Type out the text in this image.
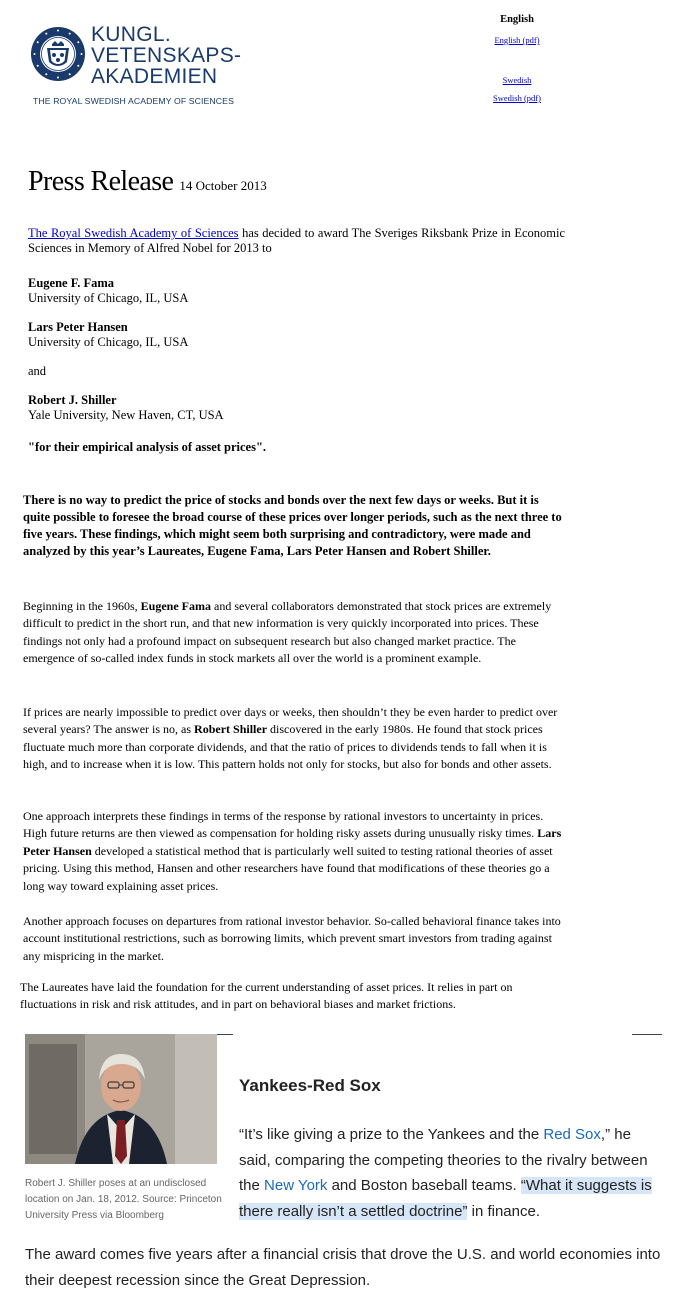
KUNGL.
VETENSKAPS-
AKADEMIEN
THE ROYAL SWEDISH ACADEMY OF SCIENCES
English
English (pdf)
Swedish
Swedish (pdf)
Press Release 14 October 2013
The Royal Swedish Academy of Sciences has decided to award The Sveriges Riksbank Prize in Economic Sciences in Memory of Alfred Nobel for 2013 to
Eugene F. Fama
University of Chicago, IL, USA
Lars Peter Hansen
University of Chicago, IL, USA
and
Robert J. Shiller
Yale University, New Haven, CT, USA
"for their empirical analysis of asset prices".
There is no way to predict the price of stocks and bonds over the next few days or weeks. But it is quite possible to foresee the broad course of these prices over longer periods, such as the next three to five years. These findings, which might seem both surprising and contradictory, were made and analyzed by this year’s Laureates, Eugene Fama, Lars Peter Hansen and Robert Shiller.
Beginning in the 1960s, Eugene Fama and several collaborators demonstrated that stock prices are extremely difficult to predict in the short run, and that new information is very quickly incorporated into prices. These findings not only had a profound impact on subsequent research but also changed market practice. The emergence of so-called index funds in stock markets all over the world is a prominent example.
If prices are nearly impossible to predict over days or weeks, then shouldn’t they be even harder to predict over several years? The answer is no, as Robert Shiller discovered in the early 1980s. He found that stock prices fluctuate much more than corporate dividends, and that the ratio of prices to dividends tends to fall when it is high, and to increase when it is low. This pattern holds not only for stocks, but also for bonds and other assets.
One approach interprets these findings in terms of the response by rational investors to uncertainty in prices. High future returns are then viewed as compensation for holding risky assets during unusually risky times. Lars Peter Hansen developed a statistical method that is particularly well suited to testing rational theories of asset pricing. Using this method, Hansen and other researchers have found that modifications of these theories go a long way toward explaining asset prices.
Another approach focuses on departures from rational investor behavior. So-called behavioral finance takes into account institutional restrictions, such as borrowing limits, which prevent smart investors from trading against any mispricing in the market.
The Laureates have laid the foundation for the current understanding of asset prices. It relies in part on fluctuations in risk and risk attitudes, and in part on behavioral biases and market frictions.
Robert J. Shiller poses at an undisclosed location on Jan. 18, 2012. Source: Princeton University Press via Bloomberg
Yankees-Red Sox
“It’s like giving a prize to the Yankees and the Red Sox,” he said, comparing the competing theories to the rivalry between the New York and Boston baseball teams. “What it suggests is there really isn’t a settled doctrine” in finance.
The award comes five years after a financial crisis that drove the U.S. and world economies into their deepest recession since the Great Depression.
